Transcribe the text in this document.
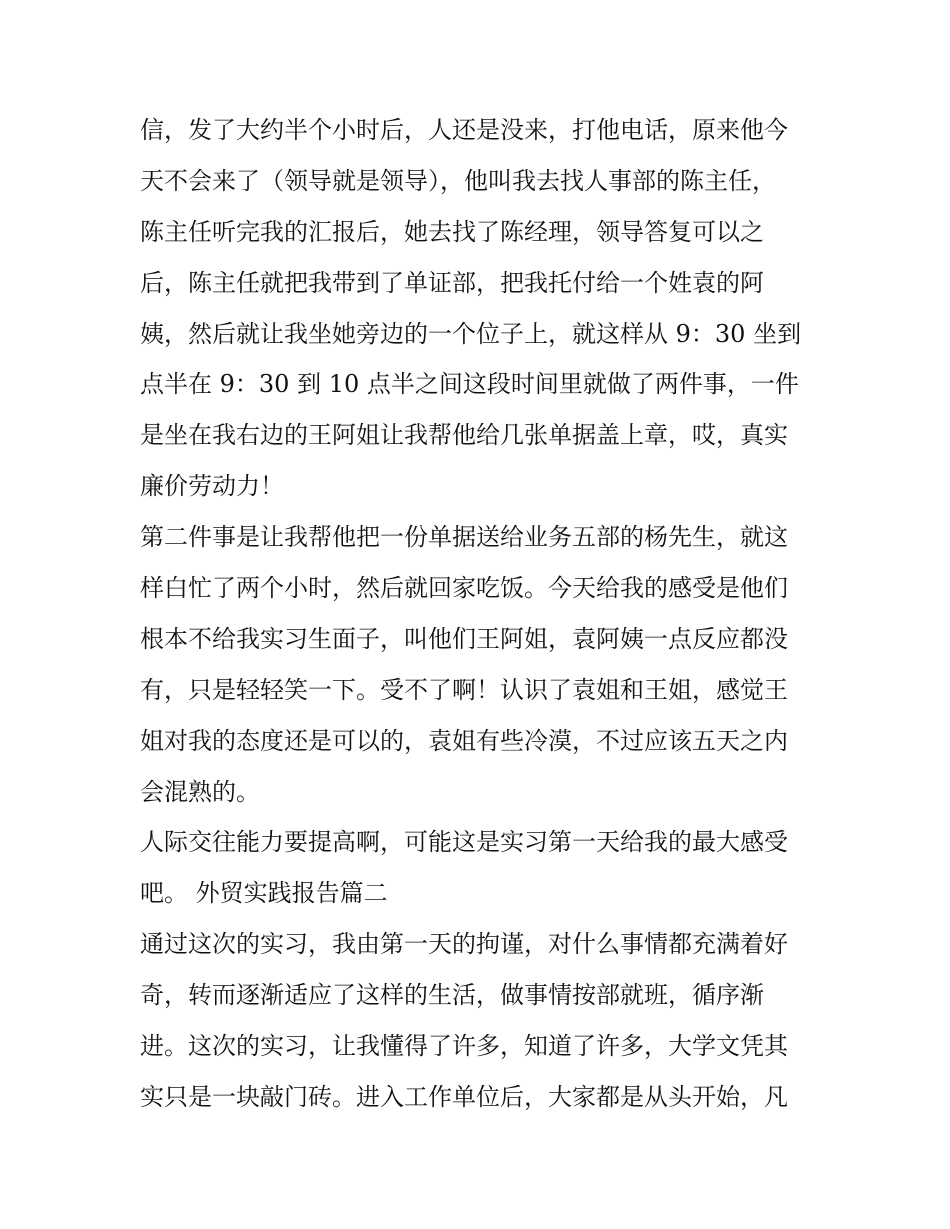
信，发了大约半个小时后，人还是没来，打他电话，原来他今
天不会来了（领导就是领导），他叫我去找人事部的陈主任，
陈主任听完我的汇报后，她去找了陈经理，领导答复可以之
后，陈主任就把我带到了单证部，把我托付给一个姓袁的阿
姨，然后就让我坐她旁边的一个位子上，就这样从 9：30 坐到
点半在 9：30 到 10 点半之间这段时间里就做了两件事，一件
是坐在我右边的王阿姐让我帮他给几张单据盖上章，哎，真实
廉价劳动力！
第二件事是让我帮他把一份单据送给业务五部的杨先生，就这
样白忙了两个小时，然后就回家吃饭。今天给我的感受是他们
根本不给我实习生面子，叫他们王阿姐，袁阿姨一点反应都没
有，只是轻轻笑一下。受不了啊！认识了袁姐和王姐，感觉王
姐对我的态度还是可以的，袁姐有些冷漠，不过应该五天之内
会混熟的。
人际交往能力要提高啊，可能这是实习第一天给我的最大感受
吧。 外贸实践报告篇二
通过这次的实习，我由第一天的拘谨，对什么事情都充满着好
奇，转而逐渐适应了这样的生活，做事情按部就班，循序渐
进。这次的实习，让我懂得了许多，知道了许多，大学文凭其
实只是一块敲门砖。进入工作单位后，大家都是从头开始，凡
